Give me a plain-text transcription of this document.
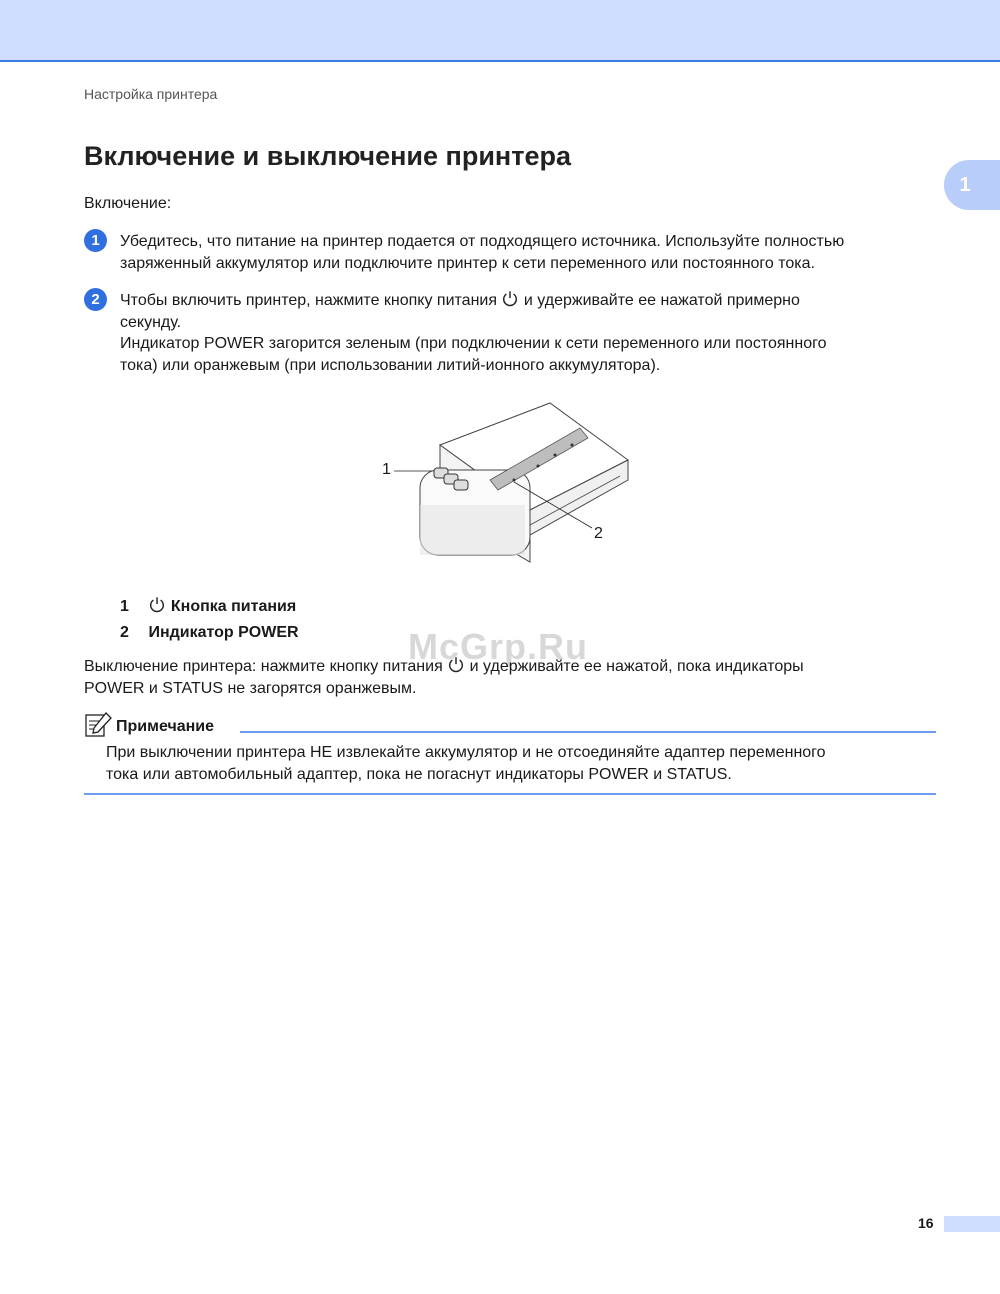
Настройка принтера
Включение и выключение принтера
1
Включение:
1	Убедитесь, что питание на принтер подается от подходящего источника. Используйте полностью
заряженный аккумулятор или подключите принтер к сети переменного или постоянного тока.
2	Чтобы включить принтер, нажмите кнопку питания и удерживайте ее нажатой примерно
секунду.
Индикатор POWER загорится зеленым (при подключении к сети переменного или постоянного
тока) или оранжевым (при использовании литий-ионного аккумулятора).
1
2
1	Кнопка питания
2 Индикатор POWER	McGrp.Ru
Выключение принтера: нажмите кнопку питания и удерживайте ее нажатой, пока индикаторы
POWER и STATUS не загорятся оранжевым.
Примечание
При выключении принтера НЕ извлекайте аккумулятор и не отсоединяйте адаптер переменного
тока или автомобильный адаптер, пока не погаснут индикаторы POWER и STATUS.
16
